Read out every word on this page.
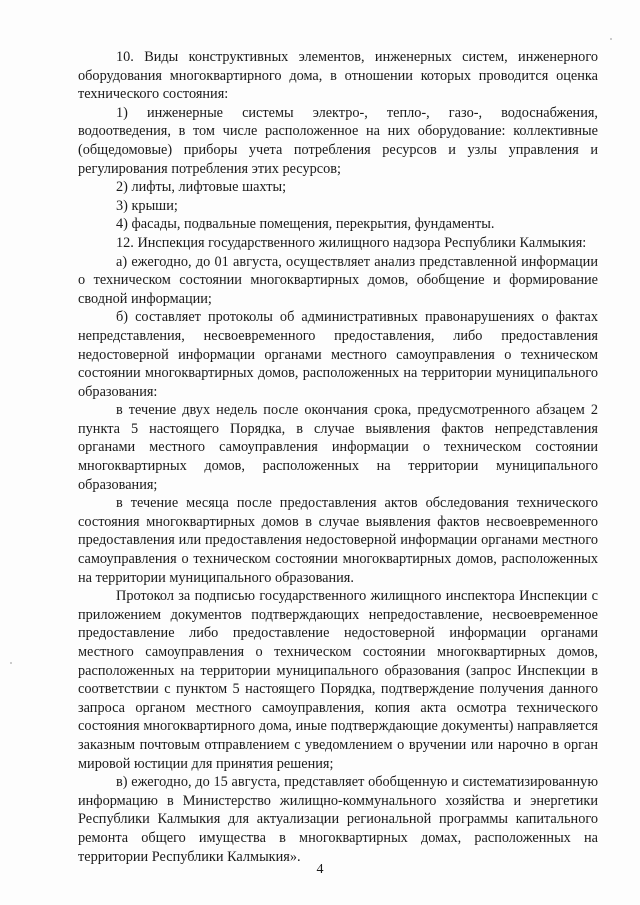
10. Виды конструктивных элементов, инженерных систем, инженерного оборудования многоквартирного дома, в отношении которых проводится оценка технического состояния:

1) инженерные системы электро-, тепло-, газо-, водоснабжения, водоотведения, в том числе расположенное на них оборудование: коллективные (общедомовые) приборы учета потребления ресурсов и узлы управления и регулирования потребления этих ресурсов;

2) лифты, лифтовые шахты;

3) крыши;

4) фасады, подвальные помещения, перекрытия, фундаменты.

12. Инспекция государственного жилищного надзора Республики Калмыкия:

а) ежегодно, до 01 августа, осуществляет анализ представленной информации о техническом состоянии многоквартирных домов, обобщение и формирование сводной информации;

б) составляет протоколы об административных правонарушениях о фактах непредставления, несвоевременного предоставления, либо предоставления недостоверной информации органами местного самоуправления о техническом состоянии многоквартирных домов, расположенных на территории муниципального образования:

в течение двух недель после окончания срока, предусмотренного абзацем 2 пункта 5 настоящего Порядка, в случае выявления фактов непредставления органами местного самоуправления информации о техническом состоянии многоквартирных домов, расположенных на территории муниципального образования;

в течение месяца после предоставления актов обследования технического состояния многоквартирных домов в случае выявления фактов несвоевременного предоставления или предоставления недостоверной информации органами местного самоуправления о техническом состоянии многоквартирных домов, расположенных на территории муниципального образования.

Протокол за подписью государственного жилищного инспектора Инспекции с приложением документов подтверждающих непредоставление, несвоевременное предоставление либо предоставление недостоверной информации органами местного самоуправления о техническом состоянии многоквартирных домов, расположенных на территории муниципального образования (запрос Инспекции в соответствии с пунктом 5 настоящего Порядка, подтверждение получения данного запроса органом местного самоуправления, копия акта осмотра технического состояния многоквартирного дома, иные подтверждающие документы) направляется заказным почтовым отправлением с уведомлением о вручении или нарочно в орган мировой юстиции для принятия решения;

в) ежегодно, до 15 августа, представляет обобщенную и систематизированную информацию в Министерство жилищно-коммунального хозяйства и энергетики Республики Калмыкия для актуализации региональной программы капитального ремонта общего имущества в многоквартирных домах, расположенных на территории Республики Калмыкия».

4
